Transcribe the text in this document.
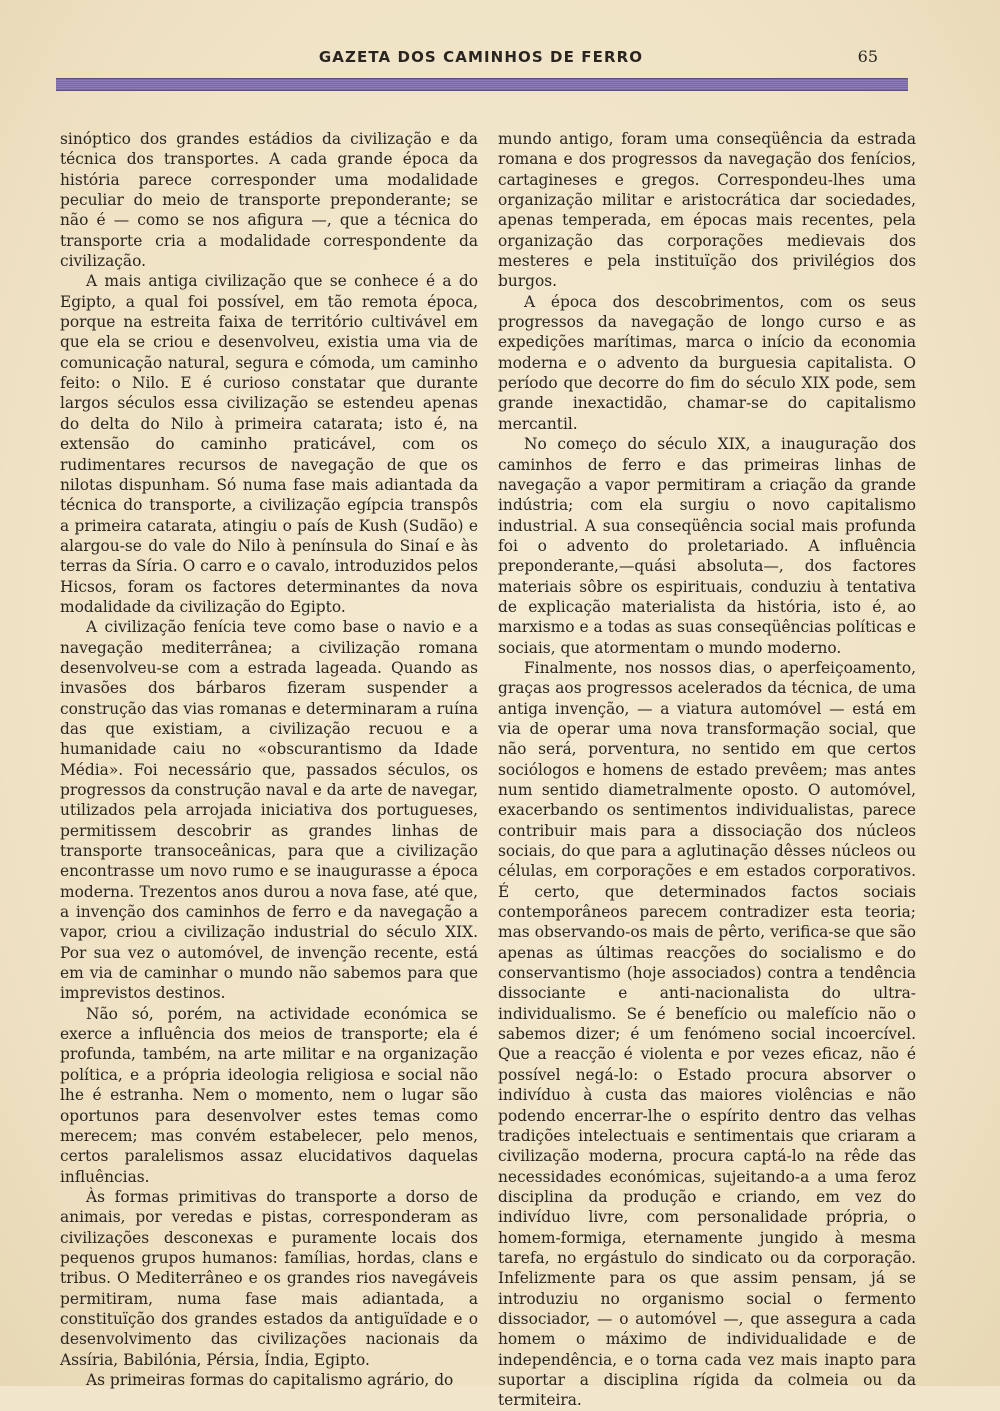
GAZETA DOS CAMINHOS DE FERRO	65

sinóptico dos grandes estádios da civilização e da técnica dos transportes. A cada grande época da história parece corresponder uma modalidade peculiar do meio de transporte preponderante; se não é — como se nos afigura —, que a técnica do transporte cria a modalidade correspondente da civilização.

A mais antiga civilização que se conhece é a do Egipto, a qual foi possível, em tão remota época, porque na estreita faixa de território cultivável em que ela se criou e desenvolveu, existia uma via de comunicação natural, segura e cómoda, um caminho feito: o Nilo. E é curioso constatar que durante largos séculos essa civilização se estendeu apenas do delta do Nilo à primeira catarata; isto é, na extensão do caminho praticável, com os rudimentares recursos de navegação de que os nilotas dispunham. Só numa fase mais adiantada da técnica do transporte, a civilização egípcia transpôs a primeira catarata, atingiu o país de Kush (Sudão) e alargou-se do vale do Nilo à península do Sinaí e às terras da Síria. O carro e o cavalo, introduzidos pelos Hicsos, foram os factores determinantes da nova modalidade da civilização do Egipto.

A civilização fenícia teve como base o navio e a navegação mediterrânea; a civilização romana desenvolveu-se com a estrada lageada. Quando as invasões dos bárbaros fizeram suspender a construção das vias romanas e determinaram a ruína das que existiam, a civilização recuou e a humanidade caiu no «obscurantismo da Idade Média». Foi necessário que, passados séculos, os progressos da construção naval e da arte de navegar, utilizados pela arrojada iniciativa dos portugueses, permitissem descobrir as grandes linhas de transporte transoceânicas, para que a civilização encontrasse um novo rumo e se inaugurasse a época moderna. Trezentos anos durou a nova fase, até que, a invenção dos caminhos de ferro e da navegação a vapor, criou a civilização industrial do século XIX. Por sua vez o automóvel, de invenção recente, está em via de caminhar o mundo não sabemos para que imprevistos destinos.

Não só, porém, na actividade económica se exerce a influência dos meios de transporte; ela é profunda, também, na arte militar e na organização política, e a própria ideologia religiosa e social não lhe é estranha. Nem o momento, nem o lugar são oportunos para desenvolver estes temas como merecem; mas convém estabelecer, pelo menos, certos paralelismos assaz elucidativos daquelas influências.

Às formas primitivas do transporte a dorso de animais, por veredas e pistas, corresponderam as civilizações desconexas e puramente locais dos pequenos grupos humanos: famílias, hordas, clans e tribus. O Mediterrâneo e os grandes rios navegáveis permitiram, numa fase mais adiantada, a constituïção dos grandes estados da antiguïdade e o desenvolvimento das civilizações nacionais da Assíria, Babilónia, Pérsia, Índia, Egipto.

As primeiras formas do capitalismo agrário, do

mundo antigo, foram uma conseqüência da estrada romana e dos progressos da navegação dos fenícios, cartagineses e gregos. Correspondeu-lhes uma organização militar e aristocrática dar sociedades, apenas temperada, em épocas mais recentes, pela organização das corporações medievais dos mesteres e pela instituïção dos privilégios dos burgos.

A época dos descobrimentos, com os seus progressos da navegação de longo curso e as expedições marítimas, marca o início da economia moderna e o advento da burguesia capitalista. O período que decorre do fim do século XIX pode, sem grande inexactidão, chamar-se do capitalismo mercantil.

No começo do século XIX, a inauguração dos caminhos de ferro e das primeiras linhas de navegação a vapor permitiram a criação da grande indústria; com ela surgiu o novo capitalismo industrial. A sua conseqüência social mais profunda foi o advento do proletariado. A influência preponderante,—quási absoluta—, dos factores materiais sôbre os espirituais, conduziu à tentativa de explicação materialista da história, isto é, ao marxismo e a todas as suas conseqüências políticas e sociais, que atormentam o mundo moderno.

Finalmente, nos nossos dias, o aperfeiçoamento, graças aos progressos acelerados da técnica, de uma antiga invenção, — a viatura automóvel — está em via de operar uma nova transformação social, que não será, porventura, no sentido em que certos sociólogos e homens de estado prevêem; mas antes num sentido diametralmente oposto. O automóvel, exacerbando os sentimentos individualistas, parece contribuir mais para a dissociação dos núcleos sociais, do que para a aglutinação dêsses núcleos ou células, em corporações e em estados corporativos. É certo, que determinados factos sociais contemporâneos parecem contradizer esta teoria; mas observando-os mais de pêrto, verifica-se que são apenas as últimas reacções do socialismo e do conservantismo (hoje associados) contra a tendência dissociante e anti-nacionalista do ultra-individualismo. Se é benefício ou malefício não o sabemos dizer; é um fenómeno social incoercível. Que a reacção é violenta e por vezes eficaz, não é possível negá-lo: o Estado procura absorver o indivíduo à custa das maiores violências e não podendo encerrar-lhe o espírito dentro das velhas tradições intelectuais e sentimentais que criaram a civilização moderna, procura captá-lo na rêde das necessidades económicas, sujeitando-a a uma feroz disciplina da produção e criando, em vez do indivíduo livre, com personalidade própria, o homem-formiga, eternamente jungido à mesma tarefa, no ergástulo do sindicato ou da corporação. Infelizmente para os que assim pensam, já se introduziu no organismo social o fermento dissociador, — o automóvel —, que assegura a cada homem o máximo de individualidade e de independência, e o torna cada vez mais inapto para suportar a disciplina rígida da colmeia ou da termiteira.
